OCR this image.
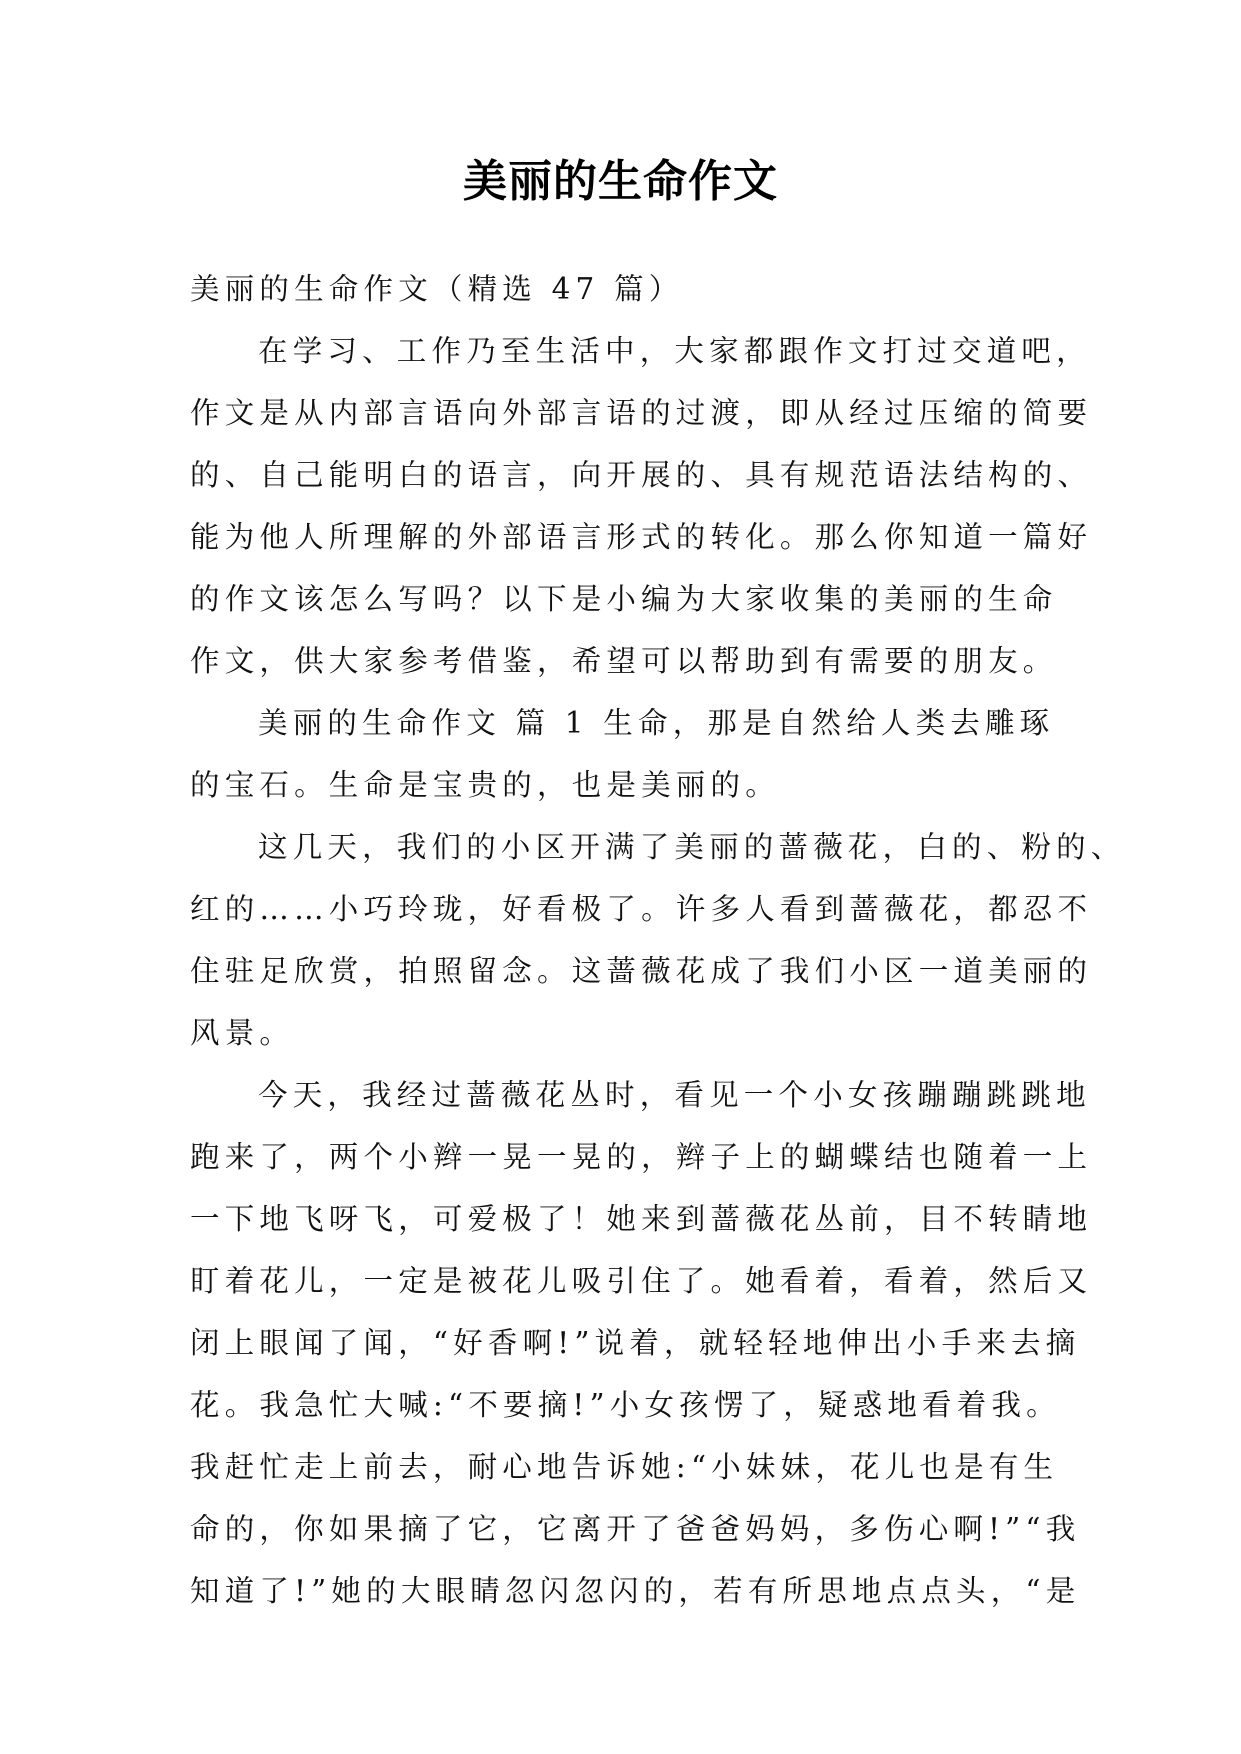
美丽的生命作文
美丽的生命作文（精选 47 篇）
在学习、工作乃至生活中，大家都跟作文打过交道吧，
作文是从内部言语向外部言语的过渡，即从经过压缩的简要
的、自己能明白的语言，向开展的、具有规范语法结构的、
能为他人所理解的外部语言形式的转化。那么你知道一篇好
的作文该怎么写吗？以下是小编为大家收集的美丽的生命
作文，供大家参考借鉴，希望可以帮助到有需要的朋友。
美丽的生命作文 篇 1 生命，那是自然给人类去雕琢
的宝石。生命是宝贵的，也是美丽的。
这几天，我们的小区开满了美丽的蔷薇花，白的、粉的、
红的……小巧玲珑，好看极了。许多人看到蔷薇花，都忍不
住驻足欣赏，拍照留念。这蔷薇花成了我们小区一道美丽的
风景。
今天，我经过蔷薇花丛时，看见一个小女孩蹦蹦跳跳地
跑来了，两个小辫一晃一晃的，辫子上的蝴蝶结也随着一上
一下地飞呀飞，可爱极了！她来到蔷薇花丛前，目不转睛地
盯着花儿，一定是被花儿吸引住了。她看着，看着，然后又
闭上眼闻了闻，“好香啊!”说着，就轻轻地伸出小手来去摘
花。我急忙大喊:“不要摘!”小女孩愣了，疑惑地看着我。
我赶忙走上前去，耐心地告诉她:“小妹妹，花儿也是有生
命的，你如果摘了它，它离开了爸爸妈妈，多伤心啊!”“我
知道了!”她的大眼睛忽闪忽闪的，若有所思地点点头，“是
